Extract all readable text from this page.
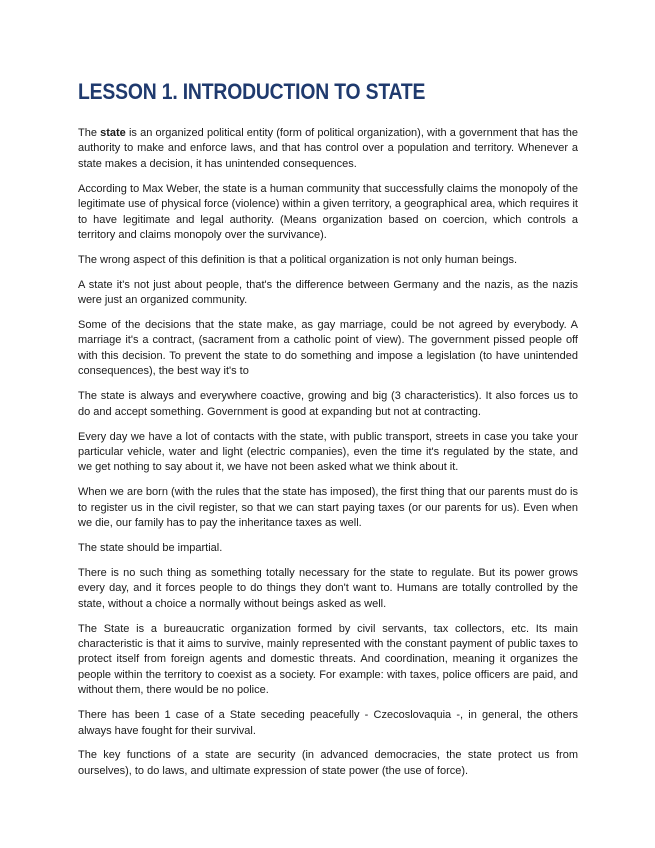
LESSON 1. INTRODUCTION TO STATE

The state is an organized political entity (form of political organization), with a government that has the authority to make and enforce laws, and that has control over a population and territory. Whenever a state makes a decision, it has unintended consequences.

According to Max Weber, the state is a human community that successfully claims the monopoly of the legitimate use of physical force (violence) within a given territory, a geographical area, which requires it to have legitimate and legal authority. (Means organization based on coercion, which controls a territory and claims monopoly over the survivance).

The wrong aspect of this definition is that a political organization is not only human beings.

A state it's not just about people, that's the difference between Germany and the nazis, as the nazis were just an organized community.

Some of the decisions that the state make, as gay marriage, could be not agreed by everybody. A marriage it's a contract, (sacrament from a catholic point of view). The government pissed people off with this decision. To prevent the state to do something and impose a legislation (to have unintended consequences), the best way it's to

The state is always and everywhere coactive, growing and big (3 characteristics). It also forces us to do and accept something. Government is good at expanding but not at contracting.

Every day we have a lot of contacts with the state, with public transport, streets in case you take your particular vehicle, water and light (electric companies), even the time it's regulated by the state, and we get nothing to say about it, we have not been asked what we think about it.

When we are born (with the rules that the state has imposed), the first thing that our parents must do is to register us in the civil register, so that we can start paying taxes (or our parents for us). Even when we die, our family has to pay the inheritance taxes as well.

The state should be impartial.

There is no such thing as something totally necessary for the state to regulate. But its power grows every day, and it forces people to do things they don't want to. Humans are totally controlled by the state, without a choice a normally without beings asked as well.

The State is a bureaucratic organization formed by civil servants, tax collectors, etc. Its main characteristic is that it aims to survive, mainly represented with the constant payment of public taxes to protect itself from foreign agents and domestic threats. And coordination, meaning it organizes the people within the territory to coexist as a society. For example: with taxes, police officers are paid, and without them, there would be no police.

There has been 1 case of a State seceding peacefully - Czecoslovaquia -, in general, the others always have fought for their survival.

The key functions of a state are security (in advanced democracies, the state protect us from ourselves), to do laws, and ultimate expression of state power (the use of force).
